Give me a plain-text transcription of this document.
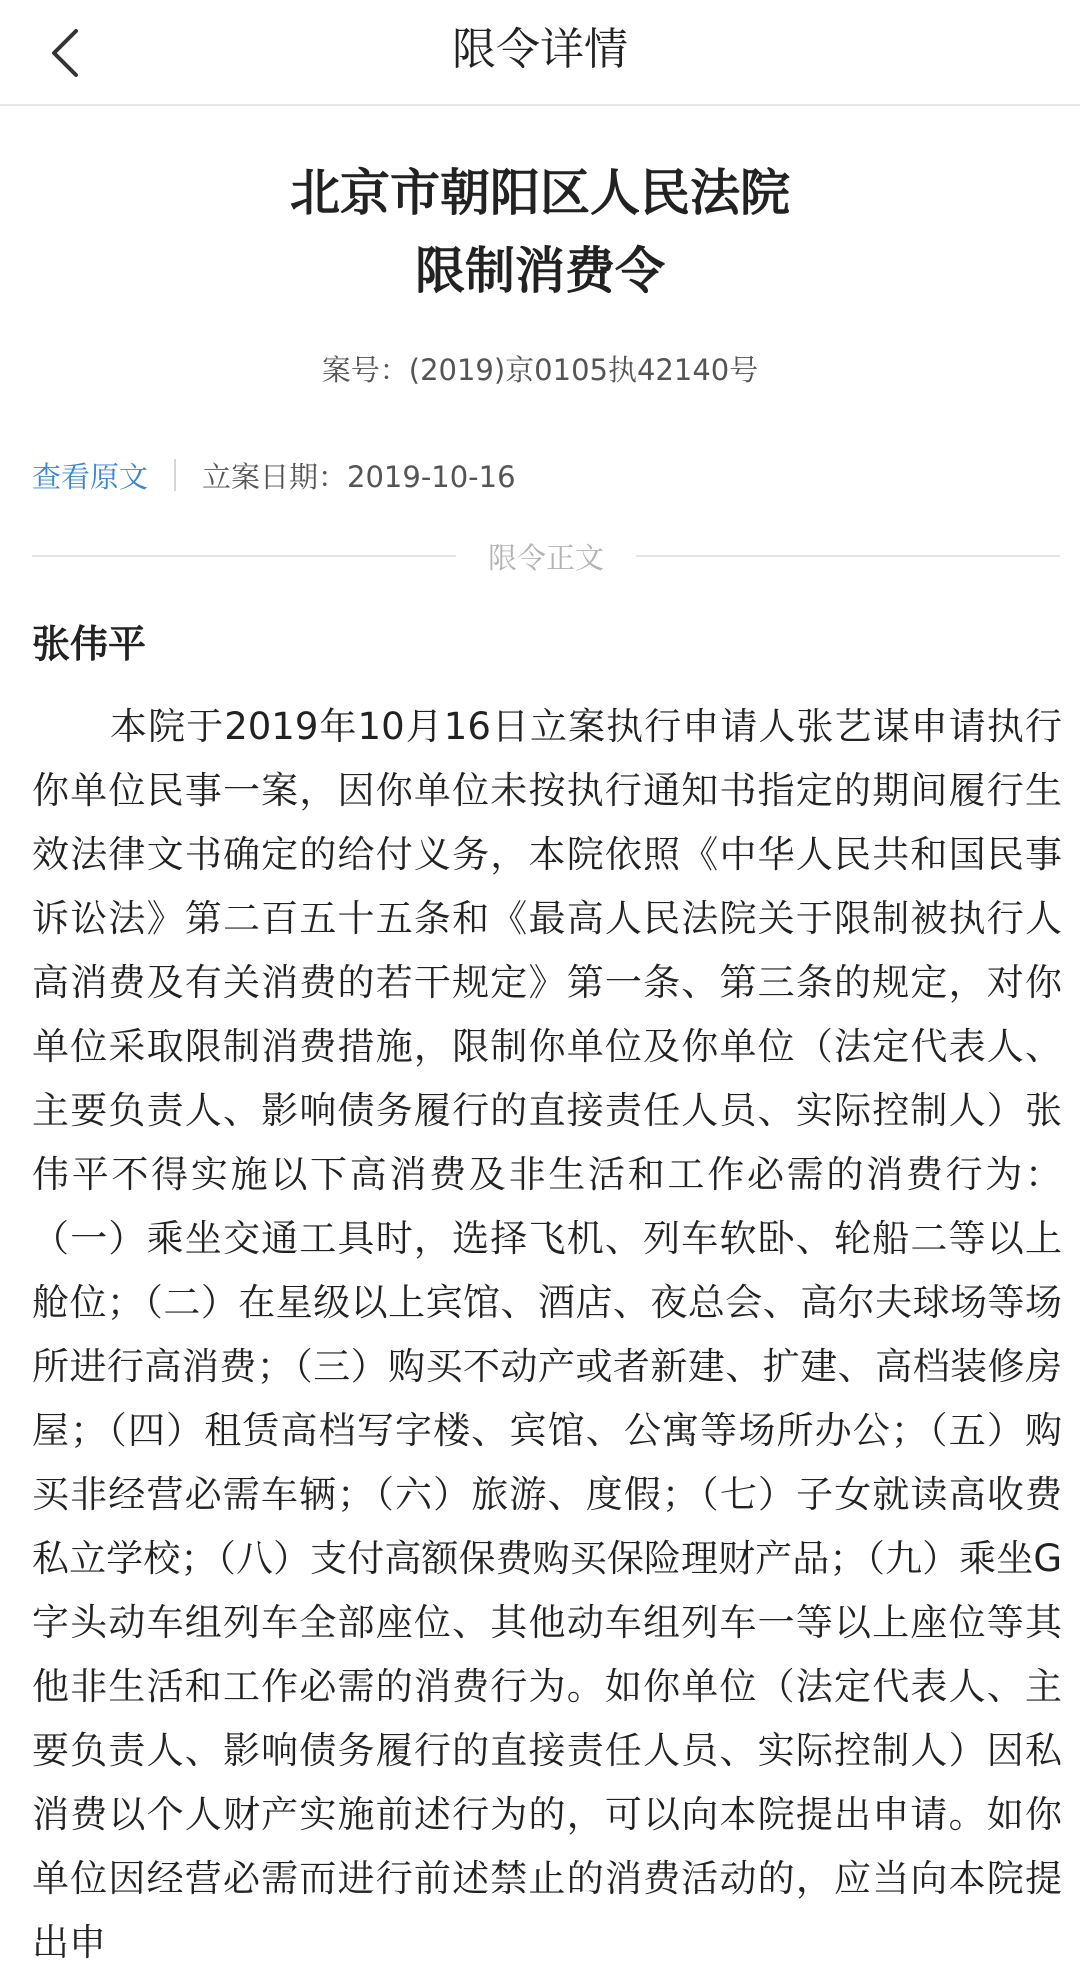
限令详情
北京市朝阳区人民法院
限制消费令
案号：(2019)京0105执42140号
查看原文 立案日期：2019-10-16
限令正文
张伟平

本院于2019年10月16日立案执行申请人张艺谋申请执行你单位民事一案，因你单位未按执行通知书指定的期间履行生效法律文书确定的给付义务，本院依照《中华人民共和国民事诉讼法》第二百五十五条和《最高人民法院关于限制被执行人高消费及有关消费的若干规定》第一条、第三条的规定，对你单位采取限制消费措施，限制你单位及你单位（法定代表人、主要负责人、影响债务履行的直接责任人员、实际控制人）张伟平不得实施以下高消费及非生活和工作必需的消费行为：（一）乘坐交通工具时，选择飞机、列车软卧、轮船二等以上舱位；（二）在星级以上宾馆、酒店、夜总会、高尔夫球场等场所进行高消费；（三）购买不动产或者新建、扩建、高档装修房屋；（四）租赁高档写字楼、宾馆、公寓等场所办公；（五）购买非经营必需车辆；（六）旅游、度假；（七）子女就读高收费私立学校；（八）支付高额保费购买保险理财产品；（九）乘坐G字头动车组列车全部座位、其他动车组列车一等以上座位等其他非生活和工作必需的消费行为。如你单位（法定代表人、主要负责人、影响债务履行的直接责任人员、实际控制人）因私消费以个人财产实施前述行为的，可以向本院提出申请。如你单位因经营必需而进行前述禁止的消费活动的，应当向本院提出申
